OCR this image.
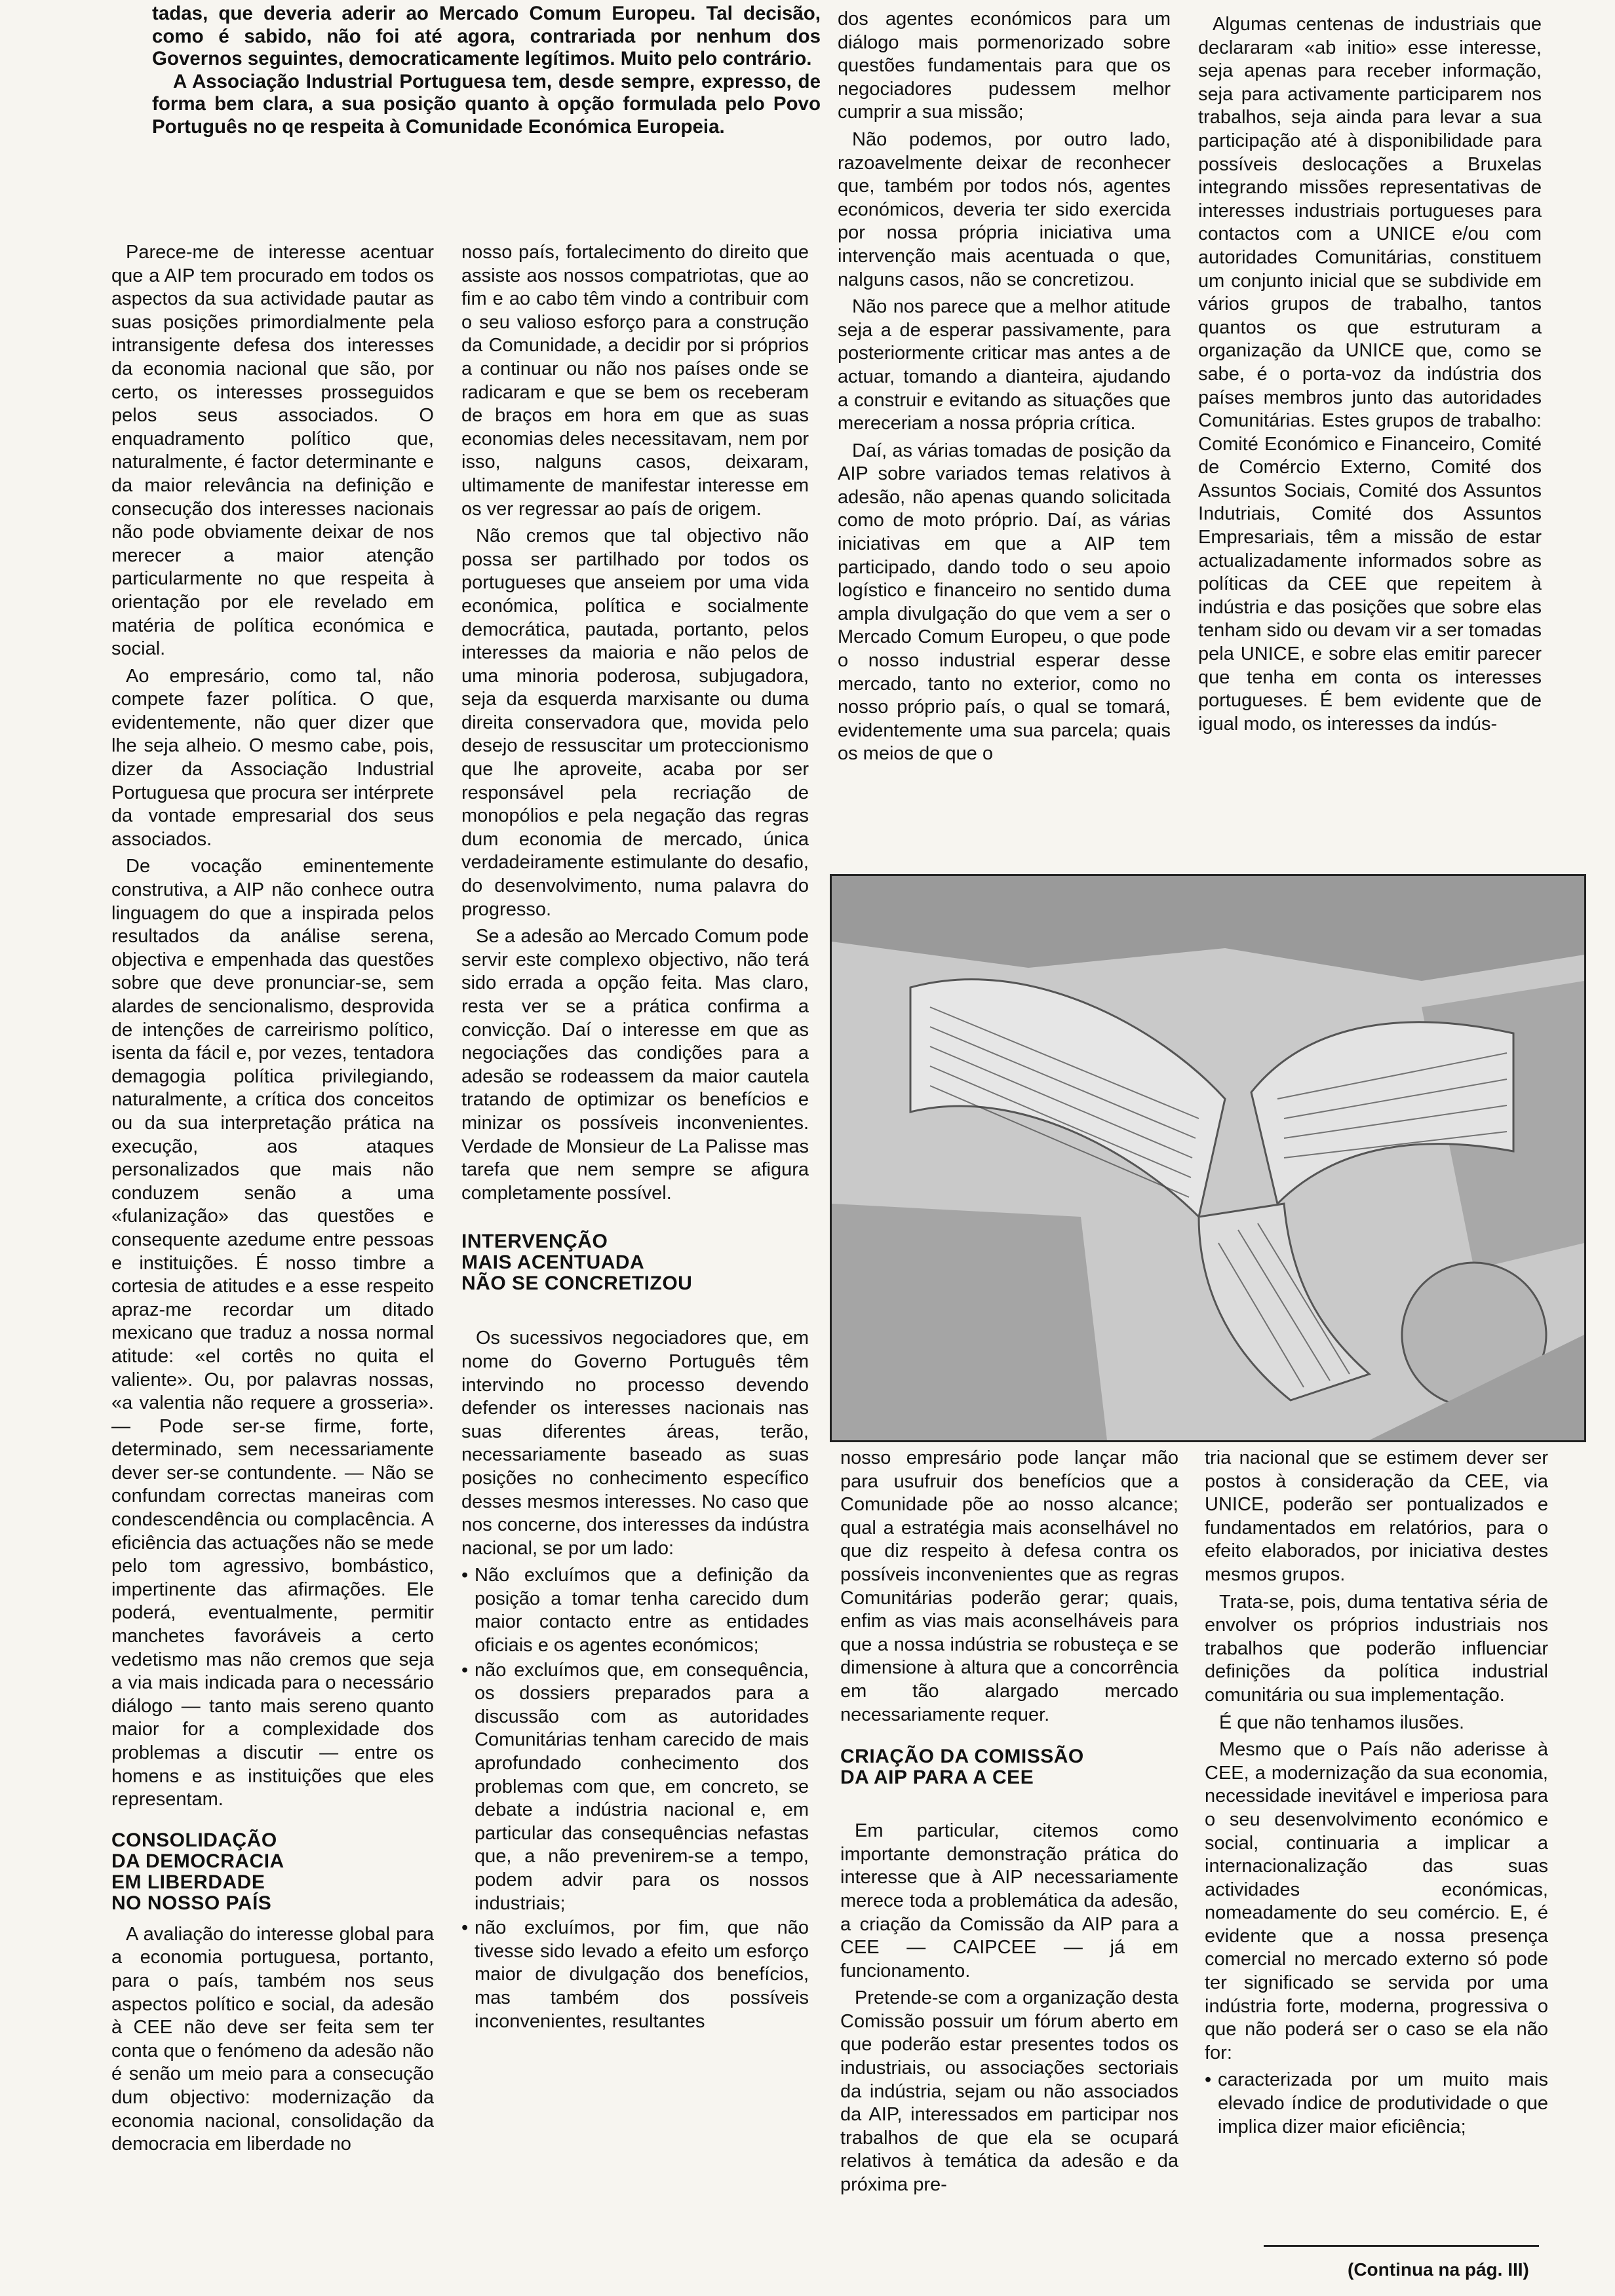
tadas, que deveria aderir ao Mercado Comum Europeu. Tal decisão, como é sabido, não foi até agora, contrariada por nenhum dos Governos seguintes, democraticamente legítimos. Muito pelo contrário.

A Associação Industrial Portuguesa tem, desde sempre, expresso, de forma bem clara, a sua posição quanto à opção formulada pelo Povo Português no qe respeita à Comunidade Económica Europeia.

Parece-me de interesse acentuar que a AIP tem procurado em todos os aspectos da sua actividade pautar as suas posições primordialmente pela intransigente defesa dos interesses da economia nacional que são, por certo, os interesses prosseguidos pelos seus associados. O enquadramento político que, naturalmente, é factor determinante e da maior relevância na definição e consecução dos interesses nacionais não pode obviamente deixar de nos merecer a maior atenção particularmente no que respeita à orientação por ele revelado em matéria de política económica e social.

Ao empresário, como tal, não compete fazer política. O que, evidentemente, não quer dizer que lhe seja alheio. O mesmo cabe, pois, dizer da Associação Industrial Portuguesa que procura ser intérprete da vontade empresarial dos seus associados.

De vocação eminentemente construtiva, a AIP não conhece outra linguagem do que a inspirada pelos resultados da análise serena, objectiva e empenhada das questões sobre que deve pronunciar-se, sem alardes de sencionalismo, desprovida de intenções de carreirismo político, isenta da fácil e, por vezes, tentadora demagogia política privilegiando, naturalmente, a crítica dos conceitos ou da sua interpretação prática na execução, aos ataques personalizados que mais não conduzem senão a uma «fulanização» das questões e consequente azedume entre pessoas e instituições. É nosso timbre a cortesia de atitudes e a esse respeito apraz-me recordar um ditado mexicano que traduz a nossa normal atitude: «el cortês no quita el valiente». Ou, por palavras nossas, «a valentia não requere a grosseria». — Pode ser-se firme, forte, determinado, sem necessariamente dever ser-se contundente. — Não se confundam correctas maneiras com condescendência ou complacência. A eficiência das actuações não se mede pelo tom agressivo, bombástico, impertinente das afirmações. Ele poderá, eventualmente, permitir manchetes favoráveis a certo vedetismo mas não cremos que seja a via mais indicada para o necessário diálogo — tanto mais sereno quanto maior for a complexidade dos problemas a discutir — entre os homens e as instituições que eles representam.

CONSOLIDAÇÃO
DA DEMOCRACIA
EM LIBERDADE
NO NOSSO PAÍS

A avaliação do interesse global para a economia portuguesa, portanto, para o país, também nos seus aspectos político e social, da adesão à CEE não deve ser feita sem ter conta que o fenómeno da adesão não é senão um meio para a consecução dum objectivo: modernização da economia nacional, consolidação da democracia em liberdade no

nosso país, fortalecimento do direito que assiste aos nossos compatriotas, que ao fim e ao cabo têm vindo a contribuir com o seu valioso esforço para a construção da Comunidade, a decidir por si próprios a continuar ou não nos países onde se radicaram e que se bem os receberam de braços em hora em que as suas economias deles necessitavam, nem por isso, nalguns casos, deixaram, ultimamente de manifestar interesse em os ver regressar ao país de origem.

Não cremos que tal objectivo não possa ser partilhado por todos os portugueses que anseiem por uma vida económica, política e socialmente democrática, pautada, portanto, pelos interesses da maioria e não pelos de uma minoria poderosa, subjugadora, seja da esquerda marxisante ou duma direita conservadora que, movida pelo desejo de ressuscitar um proteccionismo que lhe aproveite, acaba por ser responsável pela recriação de monopólios e pela negação das regras dum economia de mercado, única verdadeiramente estimulante do desafio, do desenvolvimento, numa palavra do progresso.

Se a adesão ao Mercado Comum pode servir este complexo objectivo, não terá sido errada a opção feita. Mas claro, resta ver se a prática confirma a convicção. Daí o interesse em que as negociações das condições para a adesão se rodeassem da maior cautela tratando de optimizar os benefícios e minizar os possíveis inconvenientes. Verdade de Monsieur de La Palisse mas tarefa que nem sempre se afigura completamente possível.

INTERVENÇÃO
MAIS ACENTUADA
NÃO SE CONCRETIZOU

Os sucessivos negociadores que, em nome do Governo Português têm intervindo no processo devendo defender os interesses nacionais nas suas diferentes áreas, terão, necessariamente baseado as suas posições no conhecimento específico desses mesmos interesses. No caso que nos concerne, dos interesses da indústra nacional, se por um lado:

• Não excluímos que a definição da posição a tomar tenha carecido dum maior contacto entre as entidades oficiais e os agentes económicos;
• não excluímos que, em consequência, os dossiers preparados para a discussão com as autoridades Comunitárias tenham carecido de mais aprofundado conhecimento dos problemas com que, em concreto, se debate a indústria nacional e, em particular das consequências nefastas que, a não prevenirem-se a tempo, podem advir para os nossos industriais;
• não excluímos, por fim, que não tivesse sido levado a efeito um esforço maior de divulgação dos benefícios, mas também dos possíveis inconvenientes, resultantes

dos agentes económicos para um diálogo mais pormenorizado sobre questões fundamentais para que os negociadores pudessem melhor cumprir a sua missão;

Não podemos, por outro lado, razoavelmente deixar de reconhecer que, também por todos nós, agentes económicos, deveria ter sido exercida por nossa própria iniciativa uma intervenção mais acentuada o que, nalguns casos, não se concretizou.

Não nos parece que a melhor atitude seja a de esperar passivamente, para posteriormente criticar mas antes a de actuar, tomando a dianteira, ajudando a construir e evitando as situações que mereceriam a nossa própria crítica.

Daí, as várias tomadas de posição da AIP sobre variados temas relativos à adesão, não apenas quando solicitada como de moto próprio. Daí, as várias iniciativas em que a AIP tem participado, dando todo o seu apoio logístico e financeiro no sentido duma ampla divulgação do que vem a ser o Mercado Comum Europeu, o que pode o nosso industrial esperar desse mercado, tanto no exterior, como no nosso próprio país, o qual se tomará, evidentemente uma sua parcela; quais os meios de que o

Algumas centenas de industriais que declararam «ab initio» esse interesse, seja apenas para receber informação, seja para activamente participarem nos trabalhos, seja ainda para levar a sua participação até à disponibilidade para possíveis deslocações a Bruxelas integrando missões representativas de interesses industriais portugueses para contactos com a UNICE e/ou com autoridades Comunitárias, constituem um conjunto inicial que se subdivide em vários grupos de trabalho, tantos quantos os que estruturam a organização da UNICE que, como se sabe, é o porta-voz da indústria dos países membros junto das autoridades Comunitárias. Estes grupos de trabalho: Comité Económico e Financeiro, Comité de Comércio Externo, Comité dos Assuntos Sociais, Comité dos Assuntos Indutriais, Comité dos Assuntos Empresariais, têm a missão de estar actualizadamente informados sobre as políticas da CEE que repeitem à indústria e das posições que sobre elas tenham sido ou devam vir a ser tomadas pela UNICE, e sobre elas emitir parecer que tenha em conta os interesses portugueses. É bem evidente que de igual modo, os interesses da indús-

nosso empresário pode lançar mão para usufruir dos benefícios que a Comunidade põe ao nosso alcance; qual a estratégia mais aconselhável no que diz respeito à defesa contra os possíveis inconvenientes que as regras Comunitárias poderão gerar; quais, enfim as vias mais aconselháveis para que a nossa indústria se robusteça e se dimensione à altura que a concorrência em tão alargado mercado necessariamente requer.

CRIAÇÃO DA COMISSÃO
DA AIP PARA A CEE

Em particular, citemos como importante demonstração prática do interesse que à AIP necessariamente merece toda a problemática da adesão, a criação da Comissão da AIP para a CEE — CAIPCEE — já em funcionamento.

Pretende-se com a organização desta Comissão possuir um fórum aberto em que poderão estar presentes todos os industriais, ou associações sectoriais da indústria, sejam ou não associados da AIP, interessados em participar nos trabalhos de que ela se ocupará relativos à temática da adesão e da próxima pre-

tria nacional que se estimem dever ser postos à consideração da CEE, via UNICE, poderão ser pontualizados e fundamentados em relatórios, para o efeito elaborados, por iniciativa destes mesmos grupos.

Trata-se, pois, duma tentativa séria de envolver os próprios industriais nos trabalhos que poderão influenciar definições da política industrial comunitária ou sua implementação.

É que não tenhamos ilusões.

Mesmo que o País não aderisse à CEE, a modernização da sua economia, necessidade inevitável e imperiosa para o seu desenvolvimento económico e social, continuaria a implicar a internacionalização das suas actividades económicas, nomeadamente do seu comércio. E, é evidente que a nossa presença comercial no mercado externo só pode ter significado se servida por uma indústria forte, moderna, progressiva o que não poderá ser o caso se ela não for:

• caracterizada por um muito mais elevado índice de produtividade o que implica dizer maior eficiência;
(Continua na pág. III)
